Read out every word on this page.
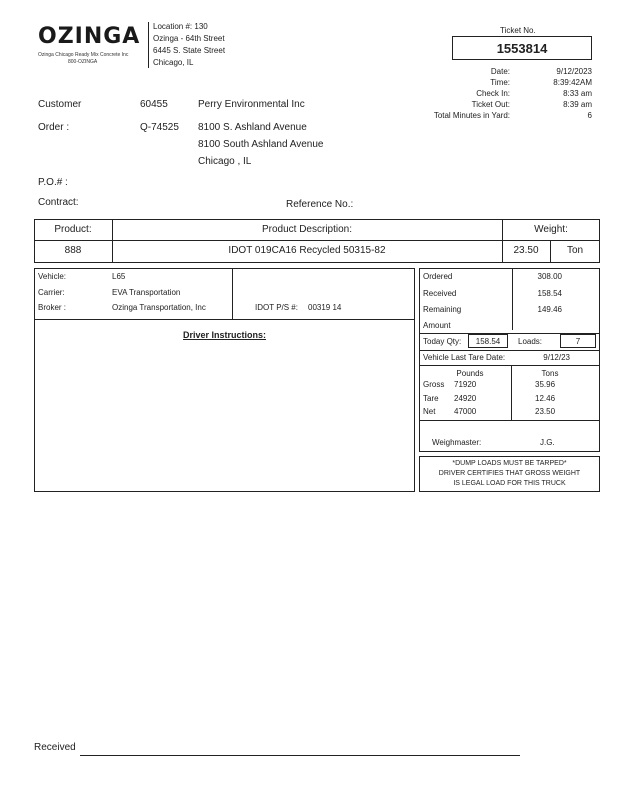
OZINGA
Ozinga Chicago Ready Mix Concrete Inc
800-OZINGA
Location #: 130
Ozinga - 64th Street
6445 S. State Street
Chicago, IL
Ticket No.
1553814
Date:	9/12/2023
Time:	8:39:42AM
Check In:	8:33 am
Ticket Out:	8:39 am
Total Minutes in Yard:	6
Customer	60455	Perry Environmental Inc
Order :	Q-74525 8100 S. Ashland Avenue
8100 South Ashland Avenue
Chicago , IL
P.O.# :
Contract:	Reference No.:
Product:	Product Description:	Weight:
888	IDOT 019CA16 Recycled 50315-82	23.50	Ton
Vehicle:	L65
Carrier:	EVA Transportation
Broker :	Ozinga Transportation, Inc	IDOT P/S #: 00319 14
Driver Instructions:
Ordered	308.00
Received	158.54
Remaining	149.46
Amount
Today Qty:	158.54	Loads:	7
Vehicle Last Tare Date:	9/12/23
Pounds	Tons
Gross 71920	35.96
Tare 24920	12.46
Net 47000	23.50
Weighmaster:	J.G.
*DUMP LOADS MUST BE TARPED*
DRIVER CERTIFIES THAT GROSS WEIGHT
IS LEGAL LOAD FOR THIS TRUCK
Received
